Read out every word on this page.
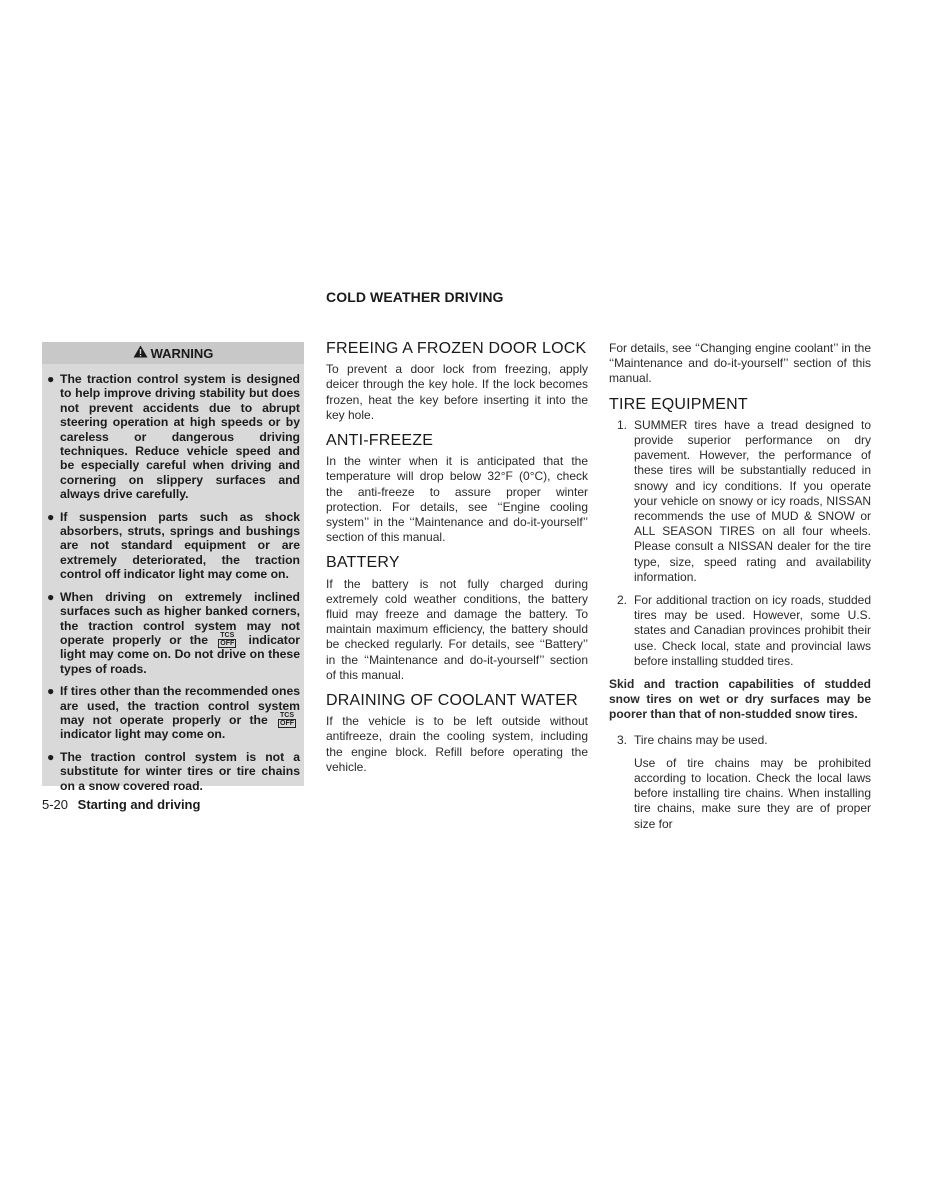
COLD WEATHER DRIVING
WARNING
● The traction control system is designed to help improve driving stability but does not prevent accidents due to abrupt steering operation at high speeds or by careless or dangerous driving techniques. Reduce vehicle speed and be especially careful when driving and cornering on slippery surfaces and always drive carefully.
● If suspension parts such as shock absorbers, struts, springs and bushings are not standard equipment or are extremely deteriorated, the traction control off indicator light may come on.
● When driving on extremely inclined surfaces such as higher banked corners, the traction control system may not operate properly or the TCS
OFF indicator light may come on. Do not drive on these types of roads.
● If tires other than the recommended ones are used, the traction control system may not operate properly or the TCS
OFF
indicator light may come on.
● The traction control system is not a substitute for winter tires or tire chains on a snow covered road.
5-20 Starting and driving
FREEING A FROZEN DOOR LOCK

To prevent a door lock from freezing, apply deicer through the key hole. If the lock becomes frozen, heat the key before inserting it into the key hole.

ANTI-FREEZE

In the winter when it is anticipated that the temperature will drop below 32°F (0°C), check the anti-freeze to assure proper winter protection. For details, see ‘‘Engine cooling system’’ in the ‘‘Maintenance and do-it-yourself’’ section of this manual.

BATTERY

If the battery is not fully charged during extremely cold weather conditions, the battery fluid may freeze and damage the battery. To maintain maximum efficiency, the battery should be checked regularly. For details, see ‘‘Battery’’ in the ‘‘Maintenance and do-it-yourself’’ section of this manual.

DRAINING OF COOLANT WATER

If the vehicle is to be left outside without antifreeze, drain the cooling system, including the engine block. Refill before operating the vehicle.

For details, see ‘‘Changing engine coolant’’ in the ‘‘Maintenance and do-it-yourself’’ section of this manual.

TIRE EQUIPMENT
1. SUMMER tires have a tread designed to provide superior performance on dry pavement. However, the performance of these tires will be substantially reduced in snowy and icy conditions. If you operate your vehicle on snowy or icy roads, NISSAN recommends the use of MUD & SNOW or ALL SEASON TIRES on all four wheels. Please consult a NISSAN dealer for the tire type, size, speed rating and availability information.
2. For additional traction on icy roads, studded tires may be used. However, some U.S. states and Canadian provinces prohibit their use. Check local, state and provincial laws before installing studded tires.

Skid and traction capabilities of studded snow tires on wet or dry surfaces may be poorer than that of non-studded snow tires.

3. Tire chains may be used.

Use of tire chains may be prohibited according to location. Check the local laws before installing tire chains. When installing tire chains, make sure they are of proper size for
